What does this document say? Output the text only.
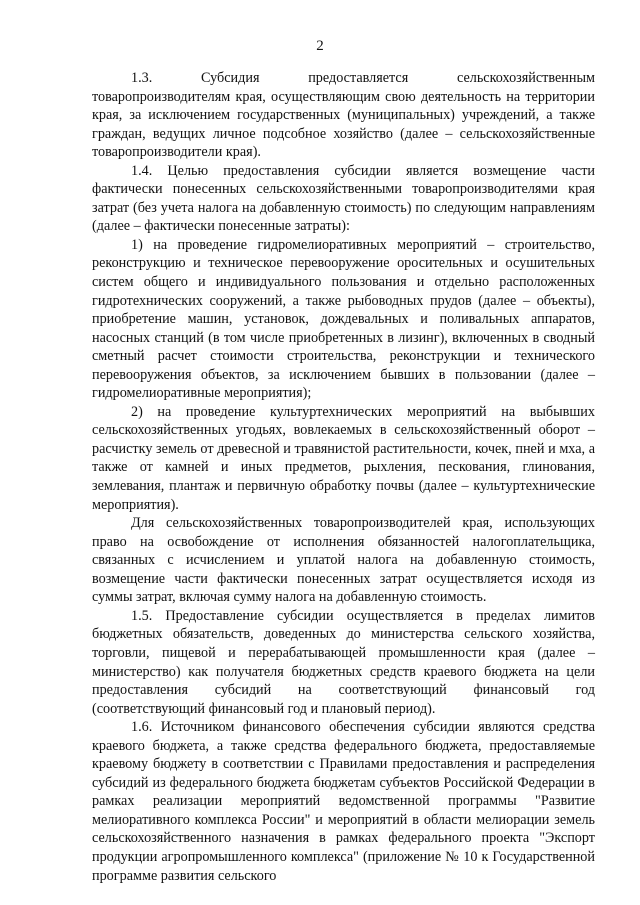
2

1.3. Субсидия предоставляется сельскохозяйственным товаропроизводителям края, осуществляющим свою деятельность на территории края, за исключением государственных (муниципальных) учреждений, а также граждан, ведущих личное подсобное хозяйство (далее – сельскохозяйственные товаропроизводители края).

1.4. Целью предоставления субсидии является возмещение части фактически понесенных сельскохозяйственными товаропроизводителями края затрат (без учета налога на добавленную стоимость) по следующим направлениям (далее – фактически понесенные затраты):

1) на проведение гидромелиоративных мероприятий – строительство, реконструкцию и техническое перевооружение оросительных и осушительных систем общего и индивидуального пользования и отдельно расположенных гидротехнических сооружений, а также рыбоводных прудов (далее – объекты), приобретение машин, установок, дождевальных и поливальных аппаратов, насосных станций (в том числе приобретенных в лизинг), включенных в сводный сметный расчет стоимости строительства, реконструкции и технического перевооружения объектов, за исключением бывших в пользовании (далее – гидромелиоративные мероприятия);

2) на проведение культуртехнических мероприятий на выбывших сельскохозяйственных угодьях, вовлекаемых в сельскохозяйственный оборот – расчистку земель от древесной и травянистой растительности, кочек, пней и мха, а также от камней и иных предметов, рыхления, пескования, глинования, землевания, плантаж и первичную обработку почвы (далее – культуртехнические мероприятия).

Для сельскохозяйственных товаропроизводителей края, использующих право на освобождение от исполнения обязанностей налогоплательщика, связанных с исчислением и уплатой налога на добавленную стоимость, возмещение части фактически понесенных затрат осуществляется исходя из суммы затрат, включая сумму налога на добавленную стоимость.

1.5. Предоставление субсидии осуществляется в пределах лимитов бюджетных обязательств, доведенных до министерства сельского хозяйства, торговли, пищевой и перерабатывающей промышленности края (далее – министерство) как получателя бюджетных средств краевого бюджета на цели предоставления субсидий на соответствующий финансовый год (соответствующий финансовый год и плановый период).

1.6. Источником финансового обеспечения субсидии являются средства краевого бюджета, а также средства федерального бюджета, предоставляемые краевому бюджету в соответствии с Правилами предоставления и распределения субсидий из федерального бюджета бюджетам субъектов Российской Федерации в рамках реализации мероприятий ведомственной программы "Развитие мелиоративного комплекса России" и мероприятий в области мелиорации земель сельскохозяйственного назначения в рамках федерального проекта "Экспорт продукции агропромышленного комплекса" (приложение № 10 к Государственной программе развития сельского
